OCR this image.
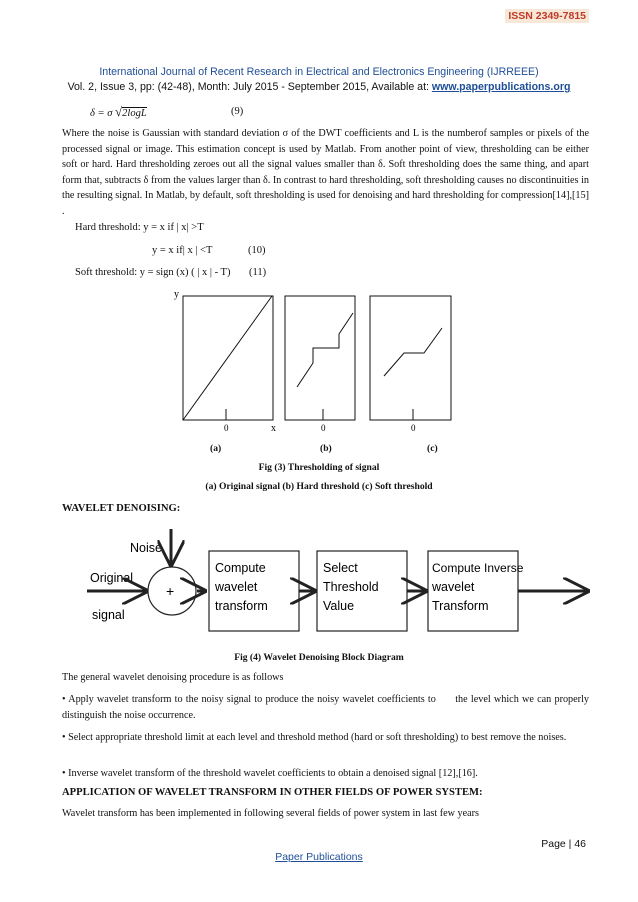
ISSN 2349-7815
International Journal of Recent Research in Electrical and Electronics Engineering (IJRREEE)
Vol. 2, Issue 3, pp: (42-48), Month: July 2015 - September 2015, Available at: www.paperpublications.org
δ = σ √2logL	(9)
Where the noise is Gaussian with standard deviation σ of the DWT coefficients and L is the numberof samples or pixels of the processed signal or image. This estimation concept is used by Matlab. From another point of view, thresholding can be either soft or hard. Hard thresholding zeroes out all the signal values smaller than δ. Soft thresholding does the same thing, and apart form that, subtracts δ from the values larger than δ. In contrast to hard thresholding, soft thresholding causes no discontinuities in the resulting signal. In Matlab, by default, soft thresholding is used for denoising and hard thresholding for compression[14],[15] .
Hard threshold: y = x if | x| >T
y = x if| x | <T	(10)
Soft threshold: y = sign (x) ( | x | - T) (11)
y
0	x	0	0
(a)	(b)	(c)
Fig (3) Thresholding of signal
(a) Original signal (b) Hard threshold (c) Soft threshold
WAVELET DENOISING:
Noise
Original
signal
+
Compute
wavelet
transform
Select
Threshold
Value
Compute Inverse
wavelet
Transform
Fig (4) Wavelet Denoising Block Diagram
The general wavelet denoising procedure is as follows
• Apply wavelet transform to the noisy signal to produce the noisy wavelet coefficients to      the level which we can properly distinguish the noise occurrence.
• Select appropriate threshold limit at each level and threshold method (hard or soft thresholding) to best remove the noises.
• Inverse wavelet transform of the threshold wavelet coefficients to obtain a denoised signal [12],[16].
APPLICATION OF WAVELET TRANSFORM IN OTHER FIELDS OF POWER SYSTEM:
Wavelet transform has been implemented in following several fields of power system in last few years
Page | 46
Paper Publications
